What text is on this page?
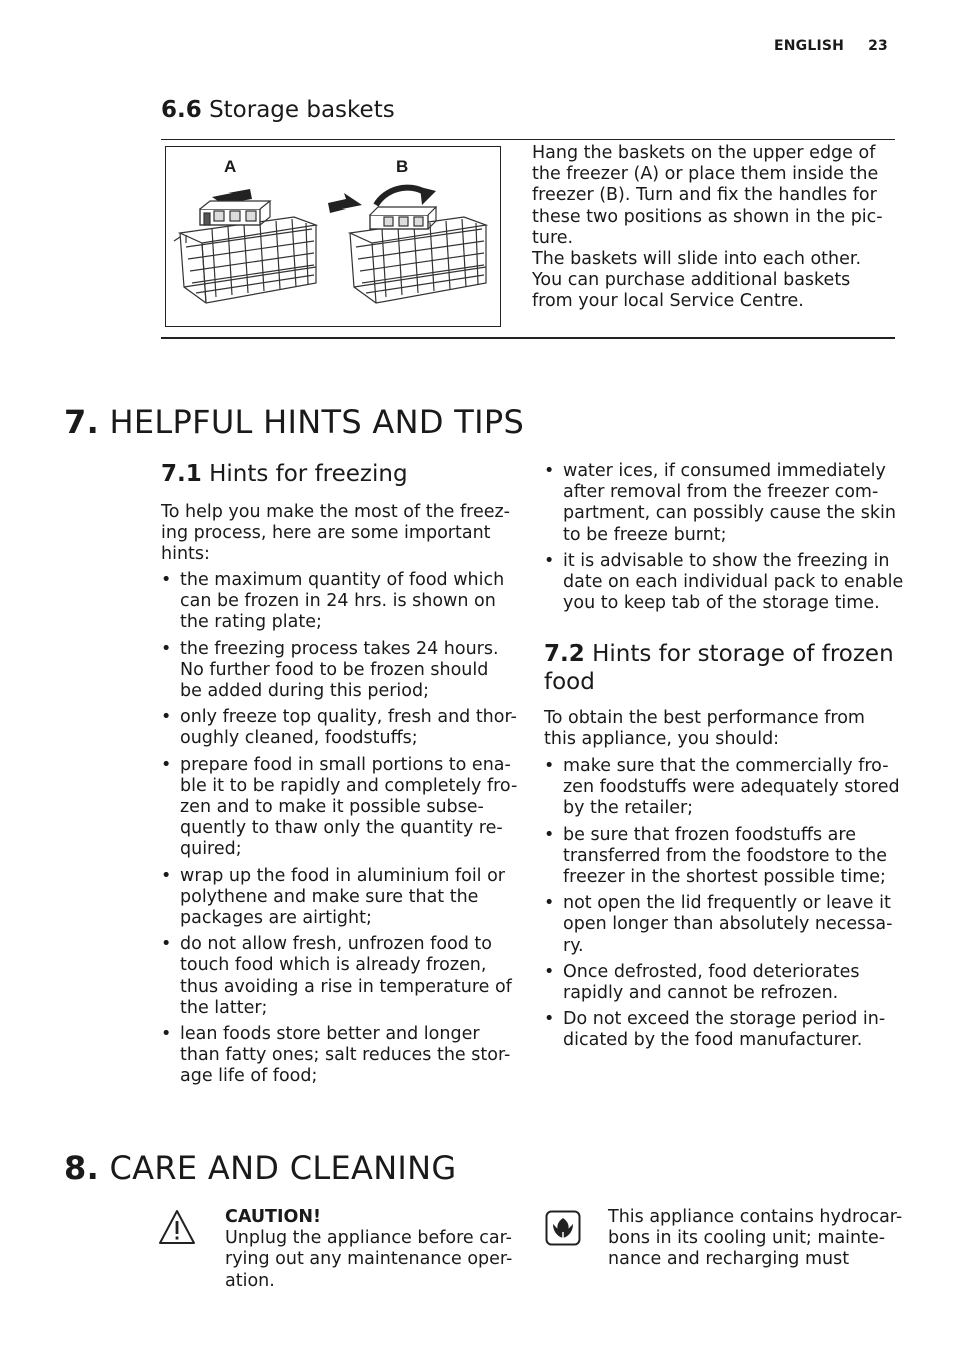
ENGLISH 23
6.6 Storage baskets
A	B
Hang the baskets on the upper edge of
the freezer (A) or place them inside the
freezer (B). Turn and fix the handles for
these two positions as shown in the pic-
ture.
The baskets will slide into each other.
You can purchase additional baskets
from your local Service Centre.
7. HELPFUL HINTS AND TIPS
7.1 Hints for freezing
To help you make the most of the freez-
ing process, here are some important
hints:
• the maximum quantity of food which
can be frozen in 24 hrs. is shown on
the rating plate;
• the freezing process takes 24 hours.
No further food to be frozen should
be added during this period;
• only freeze top quality, fresh and thor-
oughly cleaned, foodstuffs;
• prepare food in small portions to ena-
ble it to be rapidly and completely fro-
zen and to make it possible subse-
quently to thaw only the quantity re-
quired;
• wrap up the food in aluminium foil or
polythene and make sure that the
packages are airtight;
• do not allow fresh, unfrozen food to
touch food which is already frozen,
thus avoiding a rise in temperature of
the latter;
• lean foods store better and longer
than fatty ones; salt reduces the stor-
age life of food;
• water ices, if consumed immediately
after removal from the freezer com-
partment, can possibly cause the skin
to be freeze burnt;
• it is advisable to show the freezing in
date on each individual pack to enable
you to keep tab of the storage time.
7.2 Hints for storage of frozen
food
To obtain the best performance from
this appliance, you should:
• make sure that the commercially fro-
zen foodstuffs were adequately stored
by the retailer;
• be sure that frozen foodstuffs are
transferred from the foodstore to the
freezer in the shortest possible time;
• not open the lid frequently or leave it
open longer than absolutely necessa-
ry.
• Once defrosted, food deteriorates
rapidly and cannot be refrozen.
• Do not exceed the storage period in-
dicated by the food manufacturer.
8. CARE AND CLEANING
CAUTION!
Unplug the appliance before car-
rying out any maintenance oper-
ation.
This appliance contains hydrocar-
bons in its cooling unit; mainte-
nance and recharging must
